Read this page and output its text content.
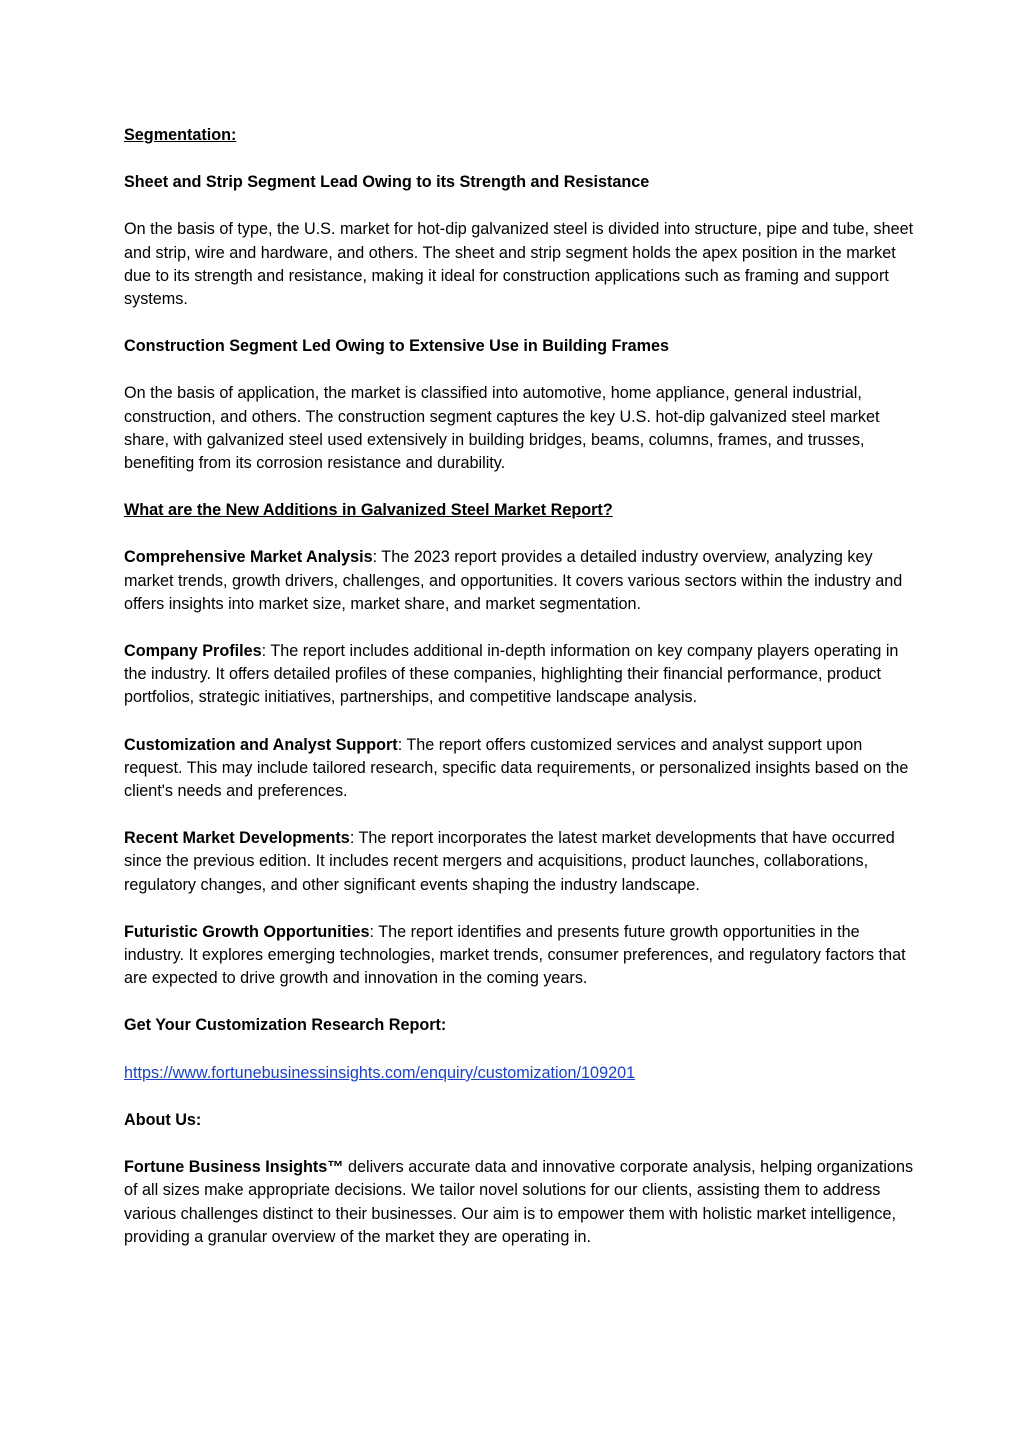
Segmentation:

Sheet and Strip Segment Lead Owing to its Strength and Resistance

On the basis of type, the U.S. market for hot-dip galvanized steel is divided into structure, pipe and tube, sheet and strip, wire and hardware, and others. The sheet and strip segment holds the apex position in the market due to its strength and resistance, making it ideal for construction applications such as framing and support systems.

Construction Segment Led Owing to Extensive Use in Building Frames

On the basis of application, the market is classified into automotive, home appliance, general industrial, construction, and others. The construction segment captures the key U.S. hot-dip galvanized steel market share, with galvanized steel used extensively in building bridges, beams, columns, frames, and trusses, benefiting from its corrosion resistance and durability.

What are the New Additions in Galvanized Steel Market Report?

Comprehensive Market Analysis: The 2023 report provides a detailed industry overview, analyzing key market trends, growth drivers, challenges, and opportunities. It covers various sectors within the industry and offers insights into market size, market share, and market segmentation.

Company Profiles: The report includes additional in-depth information on key company players operating in the industry. It offers detailed profiles of these companies, highlighting their financial performance, product portfolios, strategic initiatives, partnerships, and competitive landscape analysis.

Customization and Analyst Support: The report offers customized services and analyst support upon request. This may include tailored research, specific data requirements, or personalized insights based on the client's needs and preferences.

Recent Market Developments: The report incorporates the latest market developments that have occurred since the previous edition. It includes recent mergers and acquisitions, product launches, collaborations, regulatory changes, and other significant events shaping the industry landscape.

Futuristic Growth Opportunities: The report identifies and presents future growth opportunities in the industry. It explores emerging technologies, market trends, consumer preferences, and regulatory factors that are expected to drive growth and innovation in the coming years.

Get Your Customization Research Report:

https://www.fortunebusinessinsights.com/enquiry/customization/109201

About Us:

Fortune Business Insights™ delivers accurate data and innovative corporate analysis, helping organizations of all sizes make appropriate decisions. We tailor novel solutions for our clients, assisting them to address various challenges distinct to their businesses. Our aim is to empower them with holistic market intelligence, providing a granular overview of the market they are operating in.
